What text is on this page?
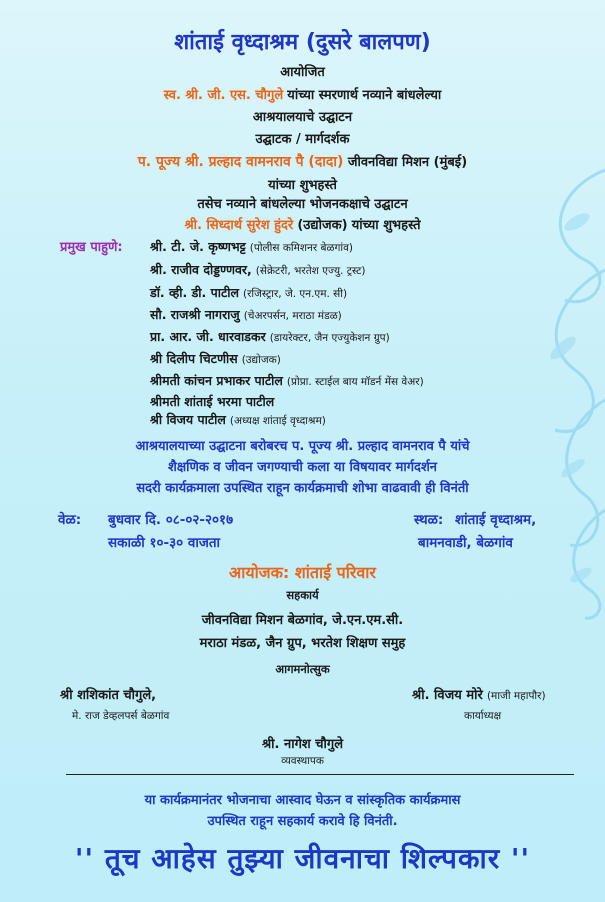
शांताई वृध्दाश्रम (दुसरे बालपण)
आयोजित
स्व. श्री. जी. एस. चौगुले यांच्या स्मरणार्थ नव्याने बांधलेल्या
आश्रयालयाचे उद्घाटन
उद्घाटक / मार्गदर्शक
प. पूज्य श्री. प्रल्हाद वामनराव पै (दादा) जीवनविद्या मिशन (मुंबई)
यांच्या शुभहस्ते
तसेच नव्याने बांधलेल्या भोजनकक्षाचे उद्घाटन
श्री. सिध्दार्थ सुरेश हुंदरे (उद्योजक) यांच्या शुभहस्ते
प्रमुख पाहुणे: श्री. टी. जे. कृष्णभट्ट (पोलीस कमिशनर बेळगांव)
श्री. राजीव दोड्डण्णवर, (सेक्रेटरी, भरतेश एज्यु. ट्रस्ट)
डॉ. व्ही. डी. पाटील (रजिस्ट्रार, जे. एन.एम. सी)
सौ. राजश्री नागराजु (चेअरपर्सन, मराठा मंडळ)
प्रा. आर. जी. धारवाडकर (डायरेक्टर, जैन एज्युकेशन ग्रुप)
श्री दिलीप चिटणीस (उद्योजक)
श्रीमती कांचन प्रभाकर पाटील (प्रोप्रा. स्टाईल बाय मॉडर्न मेंस वेअर)
श्रीमती शांताई भरमा पाटील
श्री विजय पाटील (अध्यक्ष शांताई वृध्दाश्रम)
आश्रयालयाच्या उद्घाटना बरोबरच प. पूज्य श्री. प्रल्हाद वामनराव पै यांचे
शैक्षणिक व जीवन जगण्याची कला या विषयावर मार्गदर्शन
सदरी कार्यक्रमाला उपस्थित राहून कार्यक्रमाची शोभा वाढवावी ही विनंती
वेळ: बुधवार दि. ०८-०२-२०१७
सकाळी १०-३० वाजता
स्थळ: शांताई वृध्दाश्रम,
बामनवाडी, बेळगांव
आयोजक: शांताई परिवार
सहकार्य
जीवनविद्या मिशन बेळगांव, जे.एन.एम.सी.
मराठा मंडळ, जैन ग्रुप, भरतेश शिक्षण समुह
आगमनोत्सुक
श्री शशिकांत चौगुले,
मे. राज डेव्हलपर्स बेळगांव
श्री. विजय मोरे (माजी महापौर)
कार्याध्यक्ष
श्री. नागेश चौगुले
व्यवस्थापक
या कार्यक्रमानंतर भोजनाचा आस्वाद घेऊन व सांस्कृतिक कार्यक्रमास
उपस्थित राहून सहकार्य करावे हि विनंती.
'' तूच आहेस तुझ्या जीवनाचा शिल्पकार ''
